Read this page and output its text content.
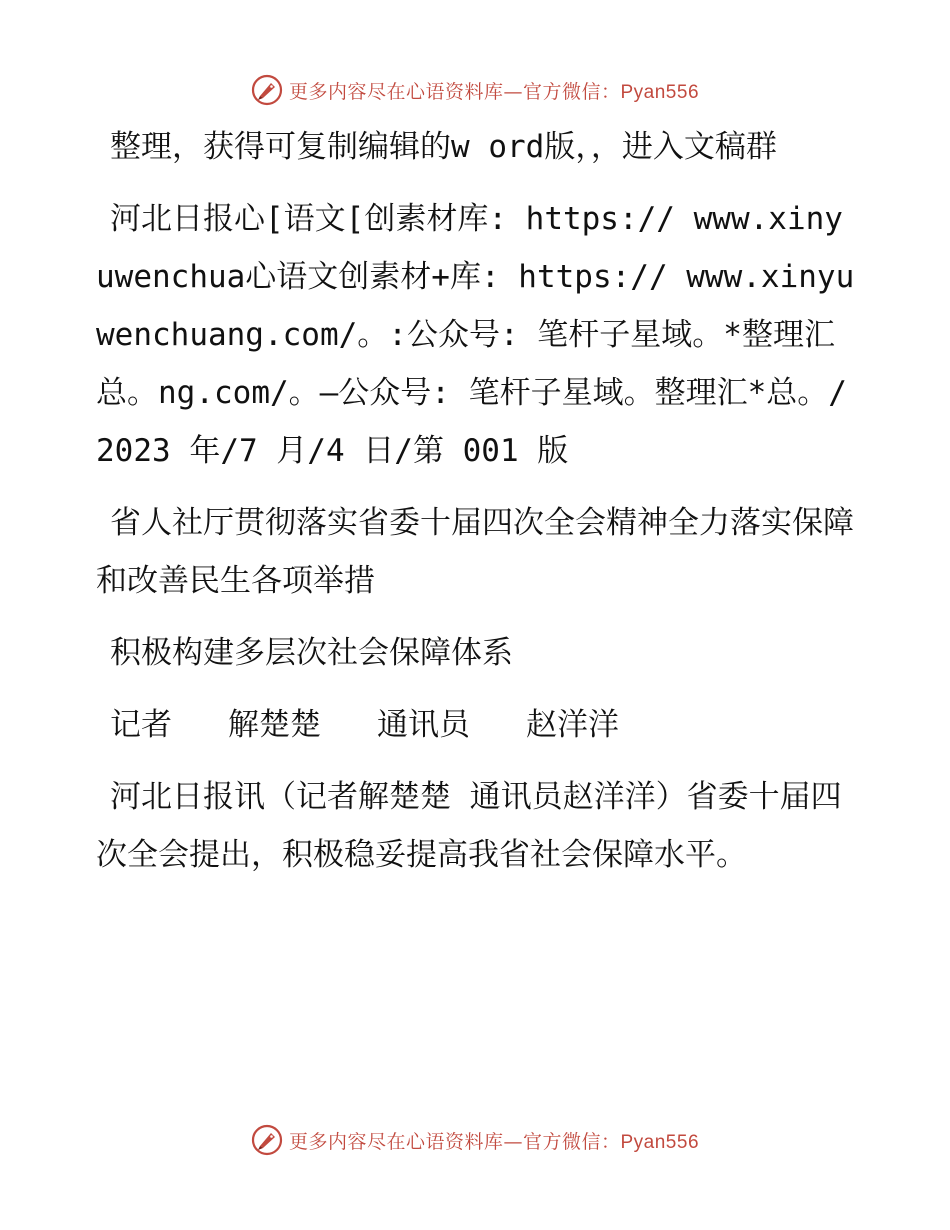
更多内容尽在心语资料库—官方微信：Pyan556

整理，获得可复制编辑的w ord版，，进入文稿群

河北日报心[语文[创素材库: https:// www.xinyuwenchua心语文创素材+库: https:// www.xinyuwenchuang.com/。:公众号: 笔杆子星域。*整理汇总。ng.com/。—公众号: 笔杆子星域。整理汇*总。/2023 年/7 月/4 日/第 001 版

省人社厅贯彻落实省委十届四次全会精神全力落实保障和改善民生各项举措

积极构建多层次社会保障体系

记者   解楚楚   通讯员   赵洋洋

河北日报讯（记者解楚楚 通讯员赵洋洋）省委十届四次全会提出，积极稳妥提高我省社会保障水平。

更多内容尽在心语资料库—官方微信：Pyan556
